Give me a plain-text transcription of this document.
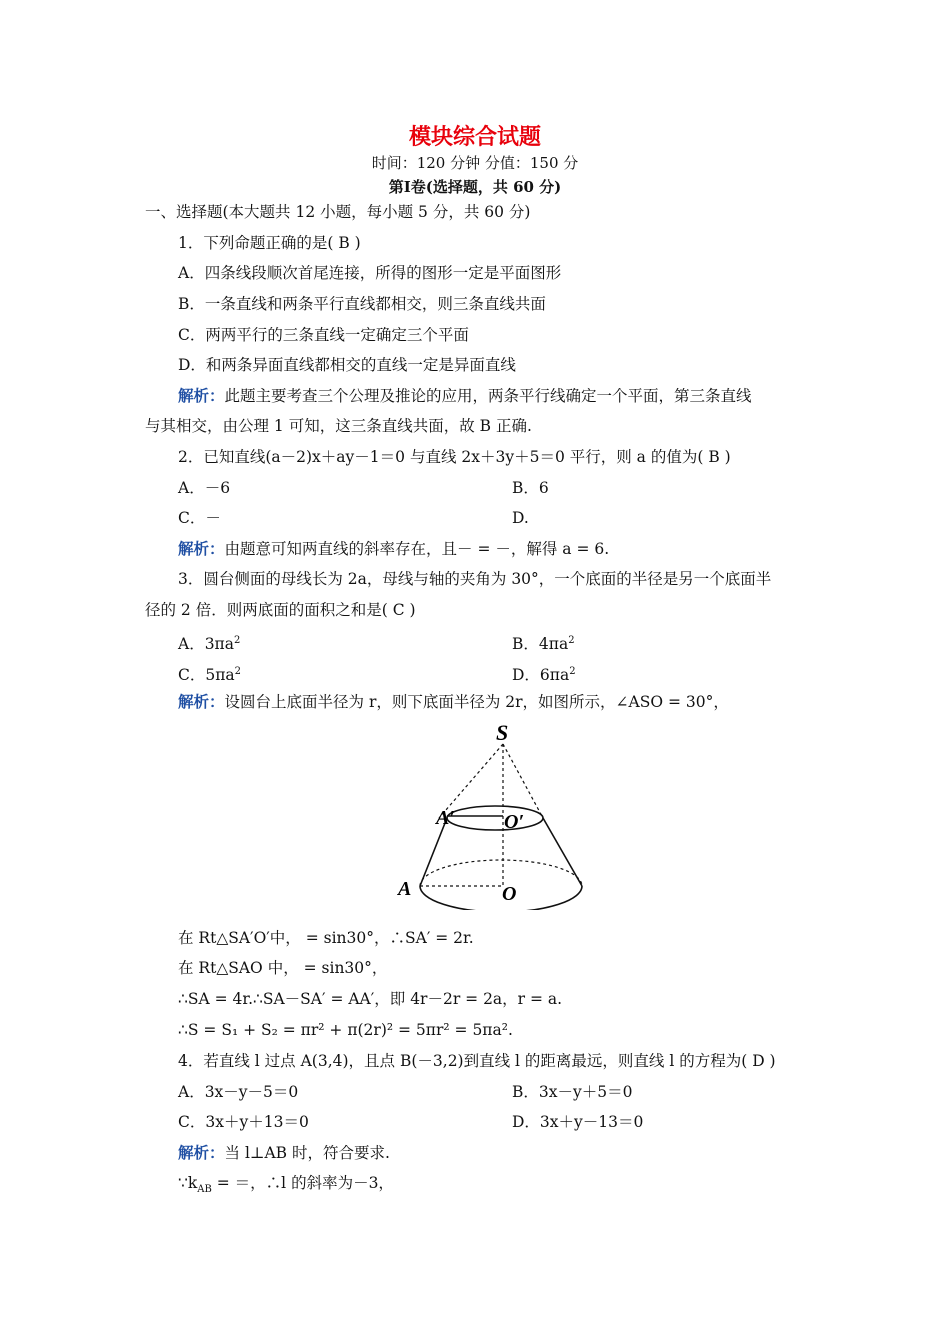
模块综合试题
时间：120 分钟 分值：150 分
第Ⅰ卷(选择题，共 60 分)
一、选择题(本大题共 12 小题，每小题 5 分，共 60 分)
1．下列命题正确的是( B )
A．四条线段顺次首尾连接，所得的图形一定是平面图形
B．一条直线和两条平行直线都相交，则三条直线共面
C．两两平行的三条直线一定确定三个平面
D．和两条异面直线都相交的直线一定是异面直线
解析：此题主要考查三个公理及推论的应用，两条平行线确定一个平面，第三条直线
与其相交，由公理 1 可知，这三条直线共面，故 B 正确.
2．已知直线(a－2)x＋ay－1＝0 与直线 2x＋3y＋5＝0 平行，则 a 的值为( B )
A．－6	B．6
C．－	D.
解析：由题意可知两直线的斜率存在，且－ = －，解得 a = 6.
3．圆台侧面的母线长为 2a，母线与轴的夹角为 30°，一个底面的半径是另一个底面半
径的 2 倍．则两底面的面积之和是( C )
A．$3\pi a^2$	B．$4\pi a^2$
C．$5\pi a^2$	D．$6\pi a^2$
解析：设圆台上底面半径为 r，则下底面半径为 2r，如图所示，∠ASO = 30°，
S
A′ O′
A	O
在 Rt△SA′O′中， = sin30°，∴SA′ = 2r.
在 Rt△SAO 中， = sin30°，
∴SA = 4r.∴SA－SA′ = AA′，即 4r－2r = 2a，r = a.
∴S = S₁ + S₂ = πr² + π(2r)² = 5πr² = 5πa².
4．若直线 l 过点 A(3,4)，且点 B(－3,2)到直线 l 的距离最远，则直线 l 的方程为( D )
A．3x－y－5＝0	B．3x－y＋5＝0
C．3x＋y＋13＝0	D．3x＋y－13＝0
解析：当 l⊥AB 时，符合要求.
$\because k_{AB}$ = ＝，∴l 的斜率为－3，
